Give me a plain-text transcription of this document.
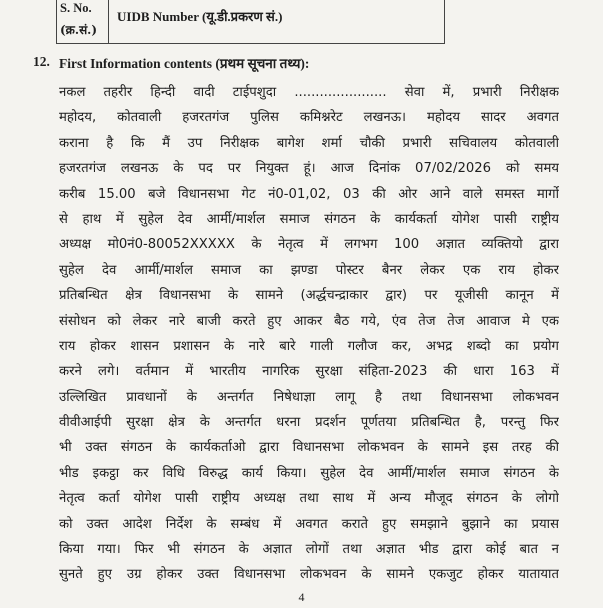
S. No.
(क्र.सं.)
UIDB Number (यू.डी.प्रकरण सं.)
12. First Information contents (प्रथम सूचना तथ्य):
नकल तहरीर हिन्दी वादी टाईपशुदा ...................... सेवा में, प्रभारी निरीक्षक
महोदय, कोतवाली हजरतगंज पुलिस कमिश्नरेट लखनऊ। महोदय सादर अवगत
कराना है कि मैं उप निरीक्षक बागेश शर्मा चौकी प्रभारी सचिवालय कोतवाली
हजरतगंज लखनऊ के पद पर नियुक्त हूं। आज दिनांक 07/02/2026 को समय
करीब 15.00 बजे विधानसभा गेट नं0-01,02, 03 की ओर आने वाले समस्त मार्गो
से हाथ में सुहेल देव आर्मी/मार्शल समाज संगठन के कार्यकर्ता योगेश पासी राष्ट्रीय
अध्यक्ष मो0नं0-80052XXXXX के नेतृत्व में लगभग 100 अज्ञात व्यक्तियो द्वारा
सुहेल देव आर्मी/मार्शल समाज का झण्डा पोस्टर बैनर लेकर एक राय होकर
प्रतिबन्धित क्षेत्र विधानसभा के सामने (अर्द्धचन्द्राकार द्वार) पर यूजीसी कानून में
संसोधन को लेकर नारे बाजी करते हुए आकर बैठ गये, एंव तेज तेज आवाज मे एक
राय होकर शासन प्रशासन के नारे बारे गाली गलौज कर, अभद्र शब्दो का प्रयोग
करने लगे। वर्तमान में भारतीय नागरिक सुरक्षा संहिता-2023 की धारा 163 में
उल्लिखित प्रावधानों के अन्तर्गत निषेधाज्ञा लागू है तथा विधानसभा लोकभवन
वीवीआईपी सुरक्षा क्षेत्र के अन्तर्गत धरना प्रदर्शन पूर्णतया प्रतिबन्धित है, परन्तु फिर
भी उक्त संगठन के कार्यकर्ताओ द्वारा विधानसभा लोकभवन के सामने इस तरह की
भीड इकट्ठा कर विधि विरुद्ध कार्य किया। सुहेल देव आर्मी/मार्शल समाज संगठन के
नेतृत्व कर्ता योगेश पासी राष्ट्रीय अध्यक्ष तथा साथ में अन्य मौजूद संगठन के लोगो
को उक्त आदेश निर्देश के सम्बंध में अवगत कराते हुए समझाने बुझाने का प्रयास
किया गया। फिर भी संगठन के अज्ञात लोगों तथा अज्ञात भीड द्वारा कोई बात न
सुनते हुए उग्र होकर उक्त विधानसभा लोकभवन के सामने एकजुट होकर यातायात
4
